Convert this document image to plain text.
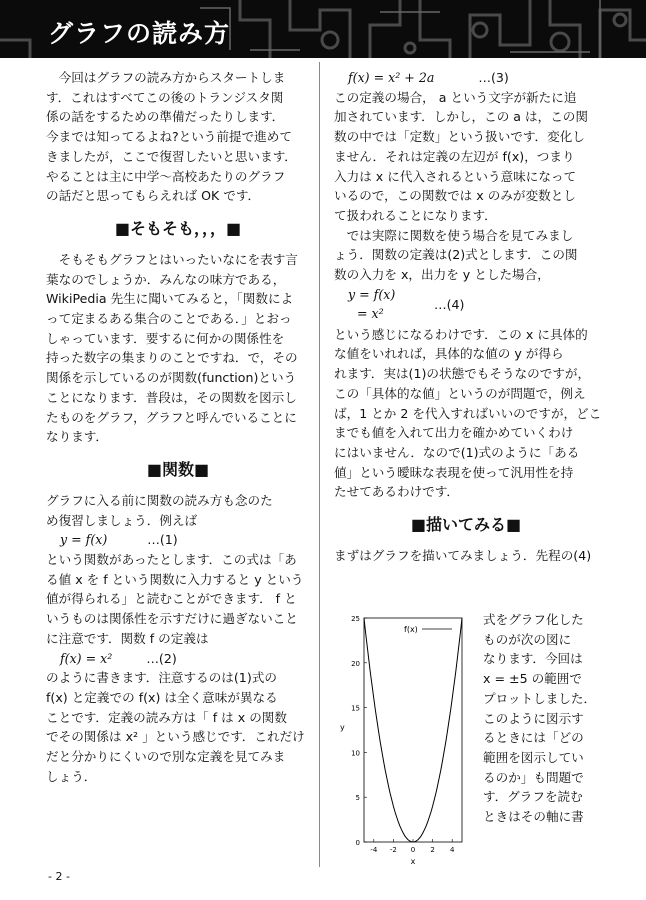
グラフの読み方

今回はグラフの読み方からスタートしま

す．これはすべてこの後のトランジスタ関

係の話をするための準備だったりします．

今までは知ってるよね?という前提で進めて

きましたが，ここで復習したいと思います．

やることは主に中学～高校あたりのグラフ

の話だと思ってもらえれば OK です．

■そもそも，，，■

そもそもグラフとはいったいなにを表す言

葉なのでしょうか．みんなの味方である，

WikiPedia 先生に聞いてみると，「関数によ

って定まるある集合のことである．」とおっ

しゃっています．要するに何かの関係性を

持った数字の集まりのことですね．で，その

関係を示しているのが関数(function)という

ことになります．普段は，その関数を図示し

たものをグラフ，グラフと呼んでいることに

なります．

■関数■

グラフに入る前に関数の読み方も念のた

め復習しましょう．例えば

y = f(x)	…(1)

という関数があったとします．この式は「あ

る値 x を f という関数に入力すると y という

値が得られる」と読むことができます． f と

いうものは関係性を示すだけに過ぎないこと

に注意です．関数 f の定義は

f(x) = x²	…(2)

のように書きます．注意するのは(1)式の

f(x) と定義での f(x) は全く意味が異なる

ことです．定義の読み方は「 f は x の関数

でその関係は x² 」という感じです．これだけ

だと分かりにくいので別な定義を見てみま

しょう．

f(x) = x² + 2a	…(3)

この定義の場合， a という文字が新たに追

加されています．しかし，この a は，この関

数の中では「定数」という扱いです．変化し

ません．それは定義の左辺が f(x)，つまり

入力は x に代入されるという意味になって

いるので，この関数では x のみが変数とし

て扱われることになります．

では実際に関数を使う場合を見てみまし

ょう．関数の定義は(2)式とします．この関

数の入力を x，出力を y とした場合，

y = f(x)
= x²
…(4)

という感じになるわけです．この x に具体的

な値をいれれば，具体的な値の y が得ら

れます．実は(1)の状態でもそうなのですが，

この「具体的な値」というのが問題で，例え

ば，1 とか 2 を代入すればいいのですが，どこ

までも値を入れて出力を確かめていくわけ

にはいません．なので(1)式のように「ある

値」という曖昧な表現を使って汎用性を持

たせてあるわけです．

■描いてみる■

まずはグラフを描いてみましょう．先程の(4)

0
5
10
15
20
25
-4 -2 0 2 4
f(x)
y
x

式をグラフ化した

ものが次の図に

なります．今回は

x = ±5 の範囲で

プロットしました．

このように図示す

るときには「どの

範囲を図示してい

るのか」も問題で

す．グラフを読む

ときはその軸に書

- 2 -
